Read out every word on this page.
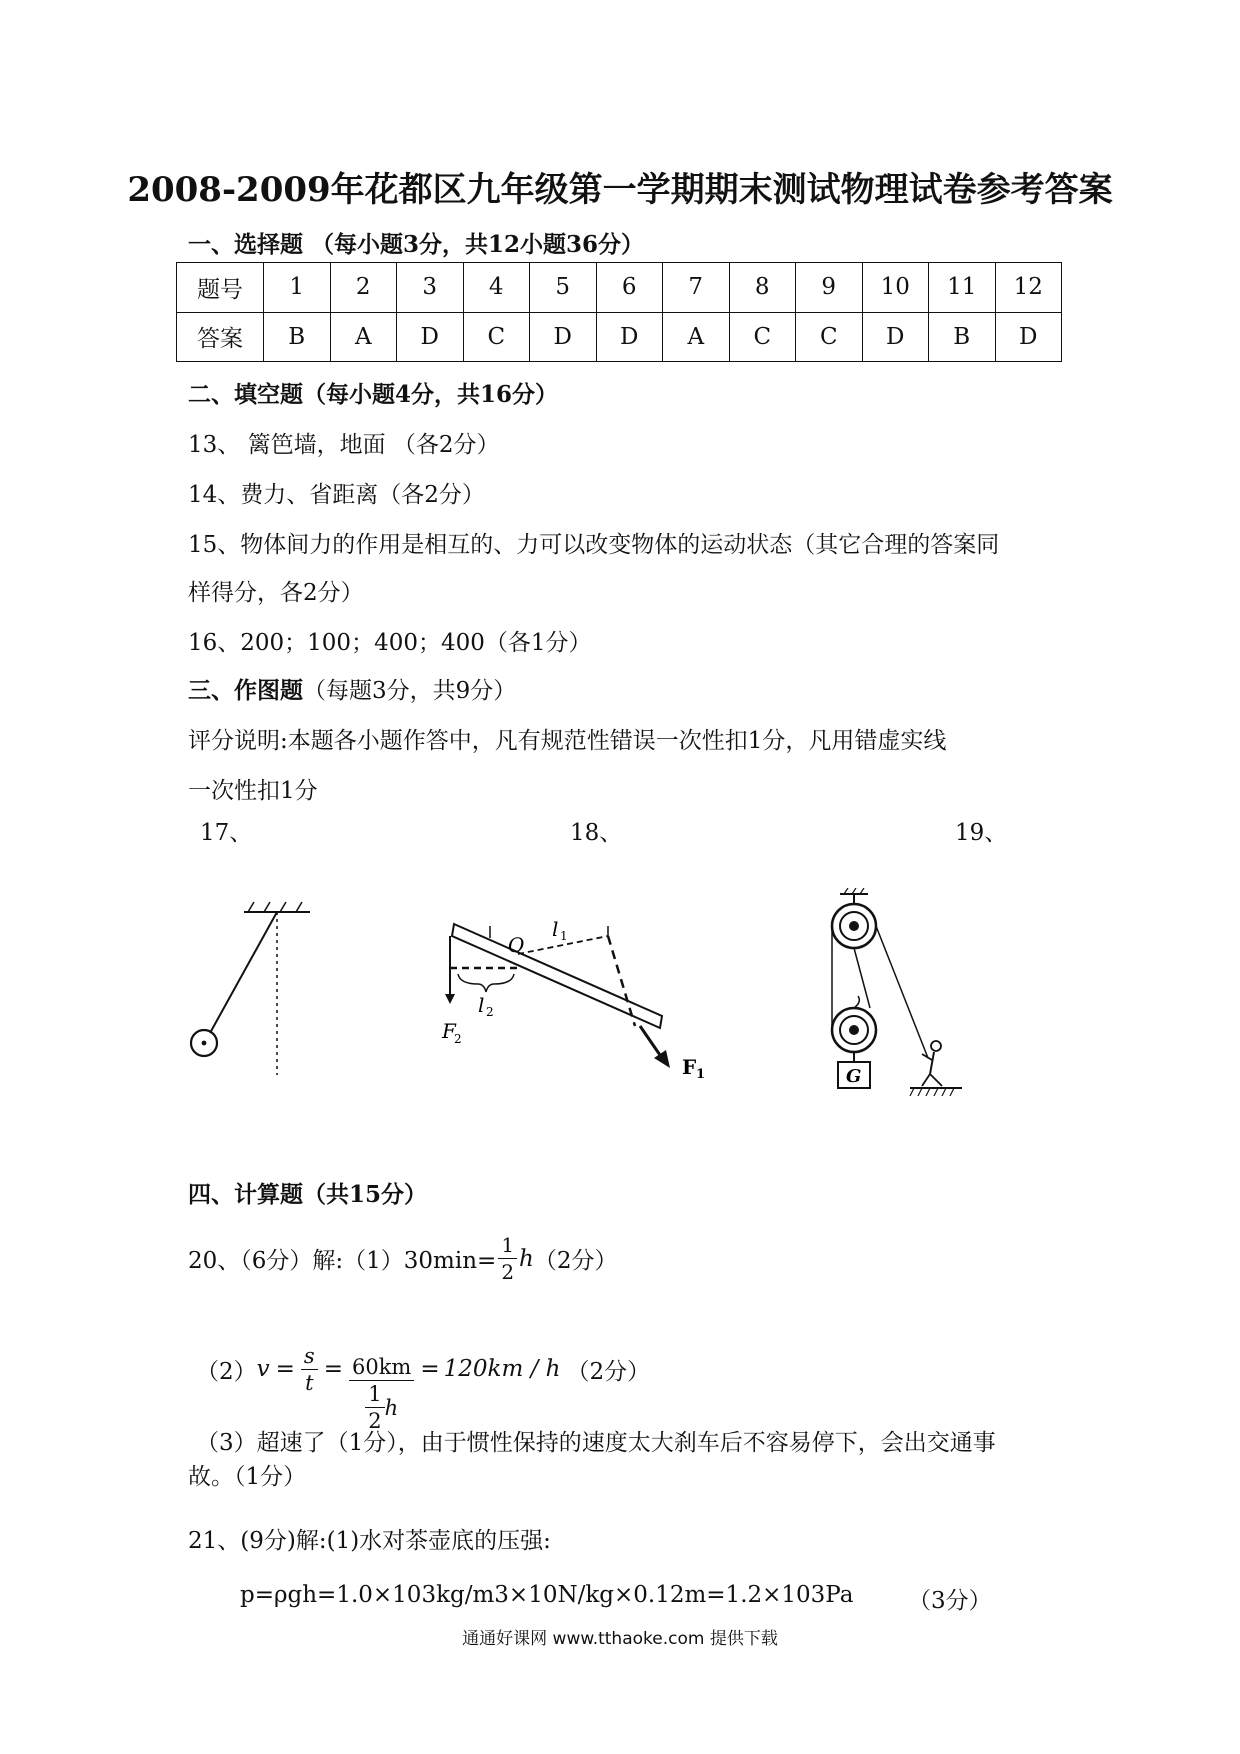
2008-2009年花都区九年级第一学期期末测试物理试卷参考答案
一、选择题 （每小题3分，共12小题36分）
题号	1	2	3	4	5	6	7	8	9	10	11	12
答案	B	A	D	C	D	D	A	C	C	D	B	D
二、填空题（每小题4分，共16分）
13、 篱笆墙，地面 （各2分）
14、费力、省距离（各2分）
15、物体间力的作用是相互的、力可以改变物体的运动状态（其它合理的答案同
样得分，各2分）
16、200；100；400；400（各1分）
三、作图题（每题3分，共9分）
评分说明:本题各小题作答中，凡有规范性错误一次性扣1分，凡用错虚实线
一次性扣1分
17、	18、	19、
O
l 1
l 2
F
2
F 1	G
四、计算题（共15分）
20、（6分）解:（1）30min= $\frac{1}{2}$ h （2分）
（2） $v = \frac{s}{t} = \frac{60km}{\frac{1}{2} h} = 120km / h$ （2分）
（3）超速了（1分），由于惯性保持的速度太大刹车后不容易停下，会出交通事
故。（1分）
21、(9分)解:(1)水对茶壶底的压强:
p=ρgh=1.0×103kg/m3×10N/kg×0.12m=1.2×103Pa （3分）
通通好课网 www.tthaoke.com 提供下载
